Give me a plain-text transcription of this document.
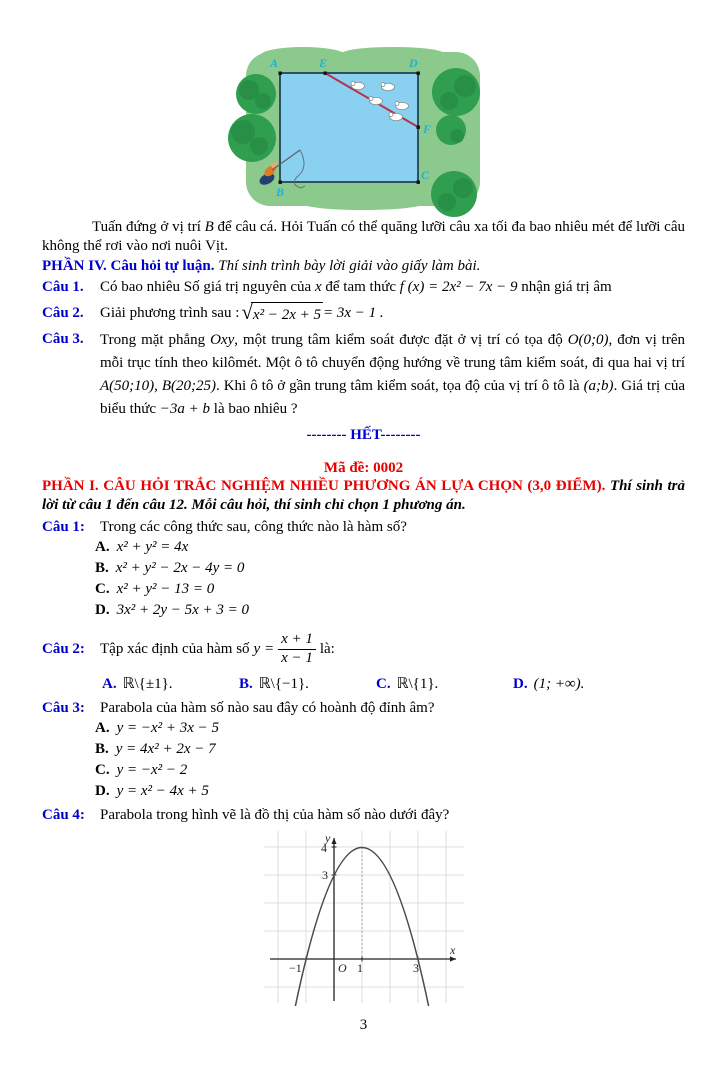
A	E	D
F
C
B

Tuấn đứng ở vị trí B để câu cá. Hỏi Tuấn có thể quăng lưỡi câu xa tối đa bao nhiêu mét để lưỡi câu không thể rơi vào nơi nuôi Vịt.

PHẦN IV. Câu hỏi tự luận. Thí sinh trình bày lời giải vào giấy làm bài.

Câu 1.	Có bao nhiêu Số giá trị nguyên của x để tam thức f (x) = 2x² − 7x − 9 nhận giá trị âm
Câu 2.	Giải phương trình sau : √ x² − 2x + 5 = 3x − 1 .
Câu 3.	Trong mặt phẳng Oxy, một trung tâm kiểm soát được đặt ở vị trí có tọa độ O(0;0), đơn vị trên mỗi trục tính theo kilômét. Một ô tô chuyển động hướng về trung tâm kiểm soát, đi qua hai vị trí A(50;10), B(20;25). Khi ô tô ở gần trung tâm kiểm soát, tọa độ của vị trí ô tô là (a;b). Giá trị của biểu thức −3a + b là bao nhiêu ?

-------- HẾT--------

Mã đề: 0002

PHẦN I. CÂU HỎI TRẮC NGHIỆM NHIỀU PHƯƠNG ÁN LỰA CHỌN (3,0 ĐIỂM). Thí sinh trả lời từ câu 1 đến câu 12. Mỗi câu hỏi, thí sinh chỉ chọn 1 phương án.

Câu 1:	Trong các công thức sau, công thức nào là hàm số?
A. x² + y² = 4x
B. x² + y² − 2x − 4y = 0
C. x² + y² − 13 = 0
D. 3x² + 2y − 5x + 3 = 0
Câu 2:	Tập xác định của hàm số $y = \frac{x + 1}{x - 1}$ là:
A. ℝ\{±1}.	B. ℝ\{−1}.	C. ℝ\{1}.	D. (1; +∞).
Câu 3:	Parabola của hàm số nào sau đây có hoành độ đỉnh âm?
A. y = −x² + 3x − 5
B. y = 4x² + 2x − 7
C. y = −x² − 2
D. y = x² − 4x + 5
Câu 4:	Parabola trong hình vẽ là đồ thị của hàm số nào dưới đây?
y
x
O
−1	1	3
3
4

3
